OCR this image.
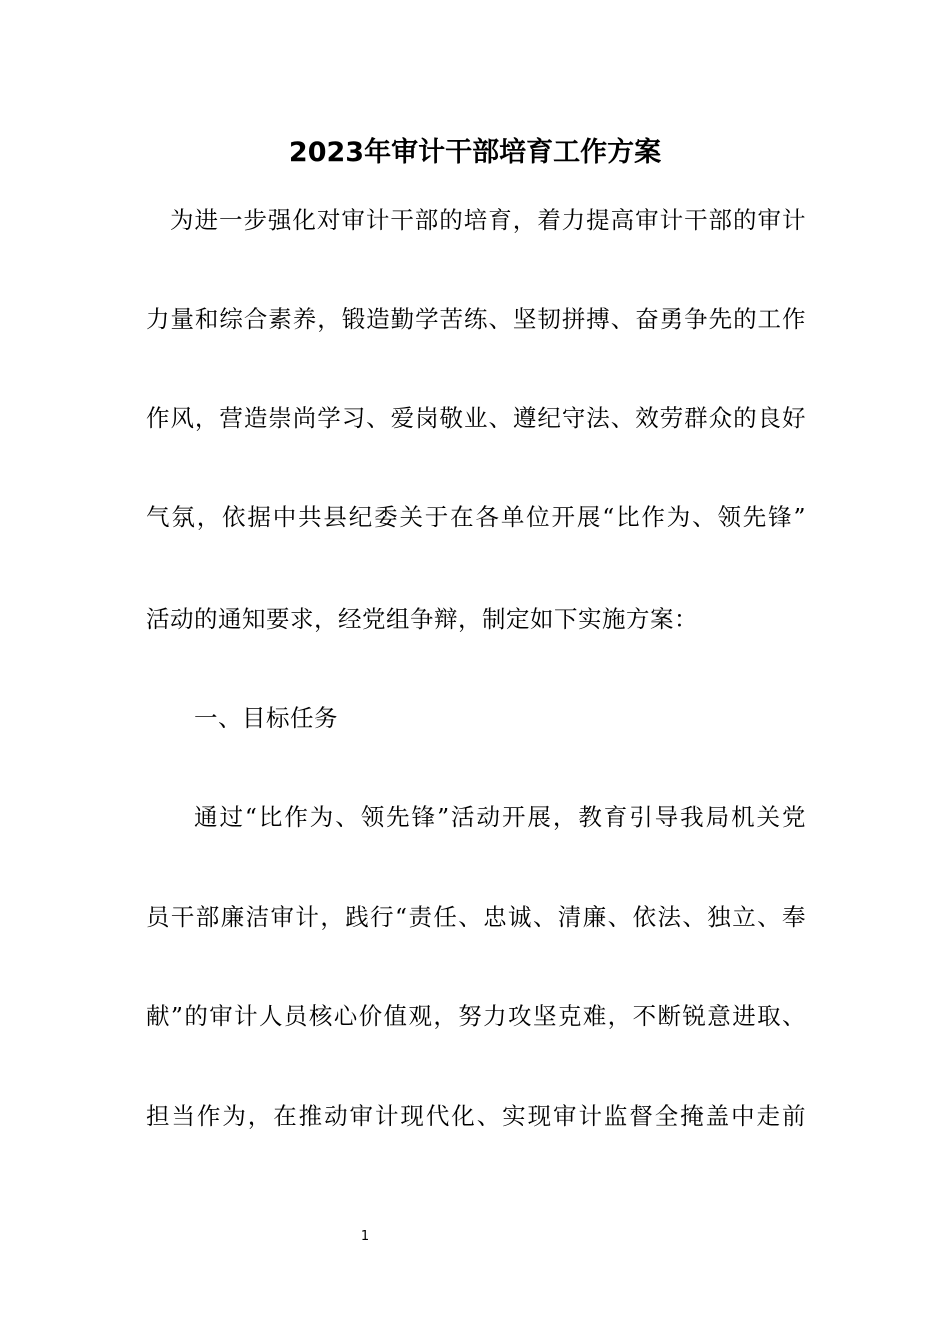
2023年审计干部培育工作方案
为进一步强化对审计干部的培育，着力提高审计干部的审计
力量和综合素养，锻造勤学苦练、坚韧拼搏、奋勇争先的工作
作风，营造崇尚学习、爱岗敬业、遵纪守法、效劳群众的良好
气氛，依据中共县纪委关于在各单位开展“比作为、领先锋”
活动的通知要求，经党组争辩，制定如下实施方案：
一、目标任务
通过“比作为、领先锋”活动开展，教育引导我局机关党
员干部廉洁审计，践行“责任、忠诚、清廉、依法、独立、奉
献”的审计人员核心价值观，努力攻坚克难，不断锐意进取、
担当作为，在推动审计现代化、实现审计监督全掩盖中走前
1
